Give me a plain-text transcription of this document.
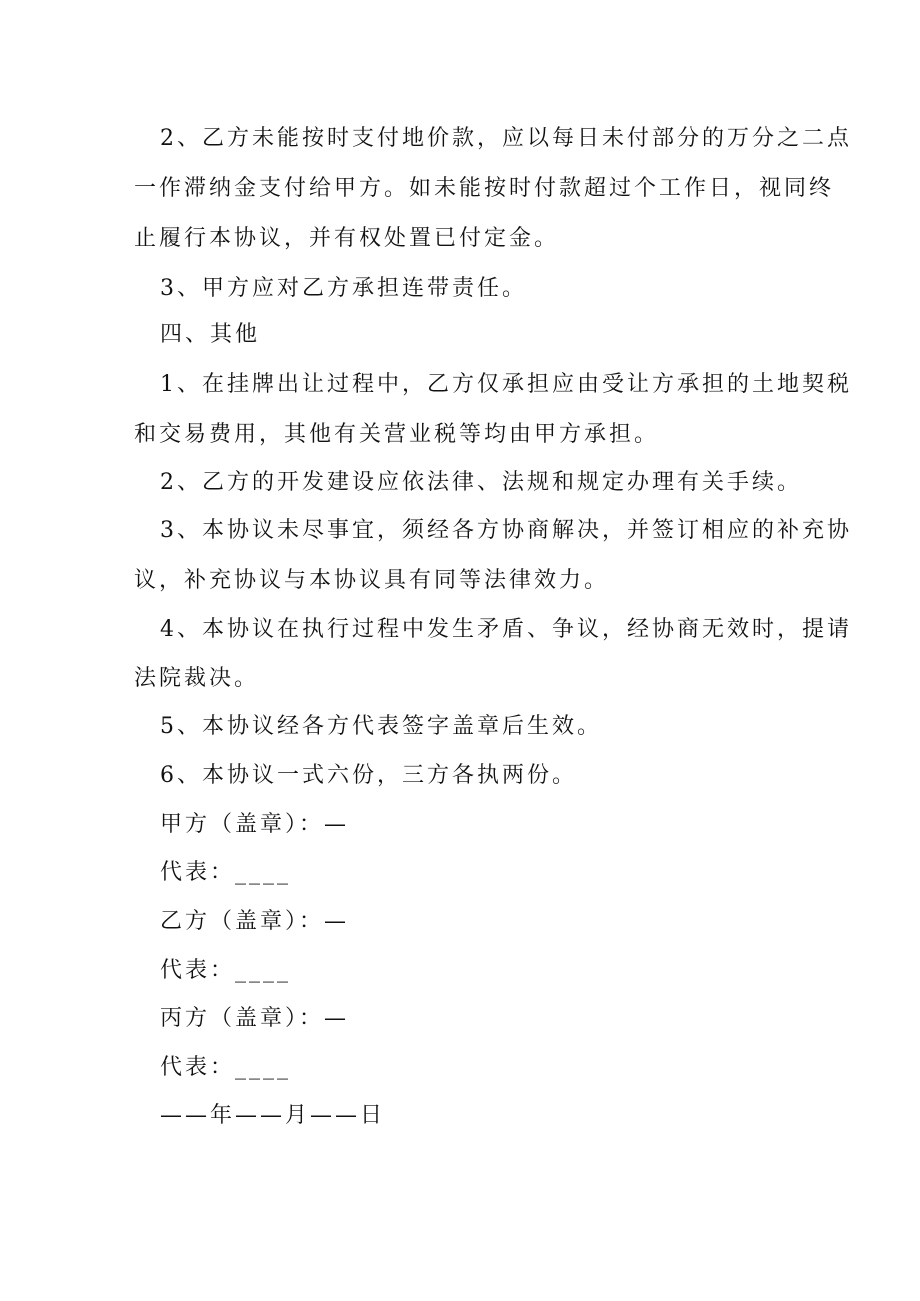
2、乙方未能按时支付地价款，应以每日未付部分的万分之二点

一作滞纳金支付给甲方。如未能按时付款超过个工作日，视同终

止履行本协议，并有权处置已付定金。

3、甲方应对乙方承担连带责任。

四、其他

1、在挂牌出让过程中，乙方仅承担应由受让方承担的土地契税

和交易费用，其他有关营业税等均由甲方承担。

2、乙方的开发建设应依法律、法规和规定办理有关手续。

3、本协议未尽事宜，须经各方协商解决，并签订相应的补充协

议，补充协议与本协议具有同等法律效力。

4、本协议在执行过程中发生矛盾、争议，经协商无效时，提请

法院裁决。

5、本协议经各方代表签字盖章后生效。

6、本协议一式六份，三方各执两份。

甲方（盖章）：—

代表：____

乙方（盖章）：—

代表：____

丙方（盖章）：—

代表：____

——年——月——日
